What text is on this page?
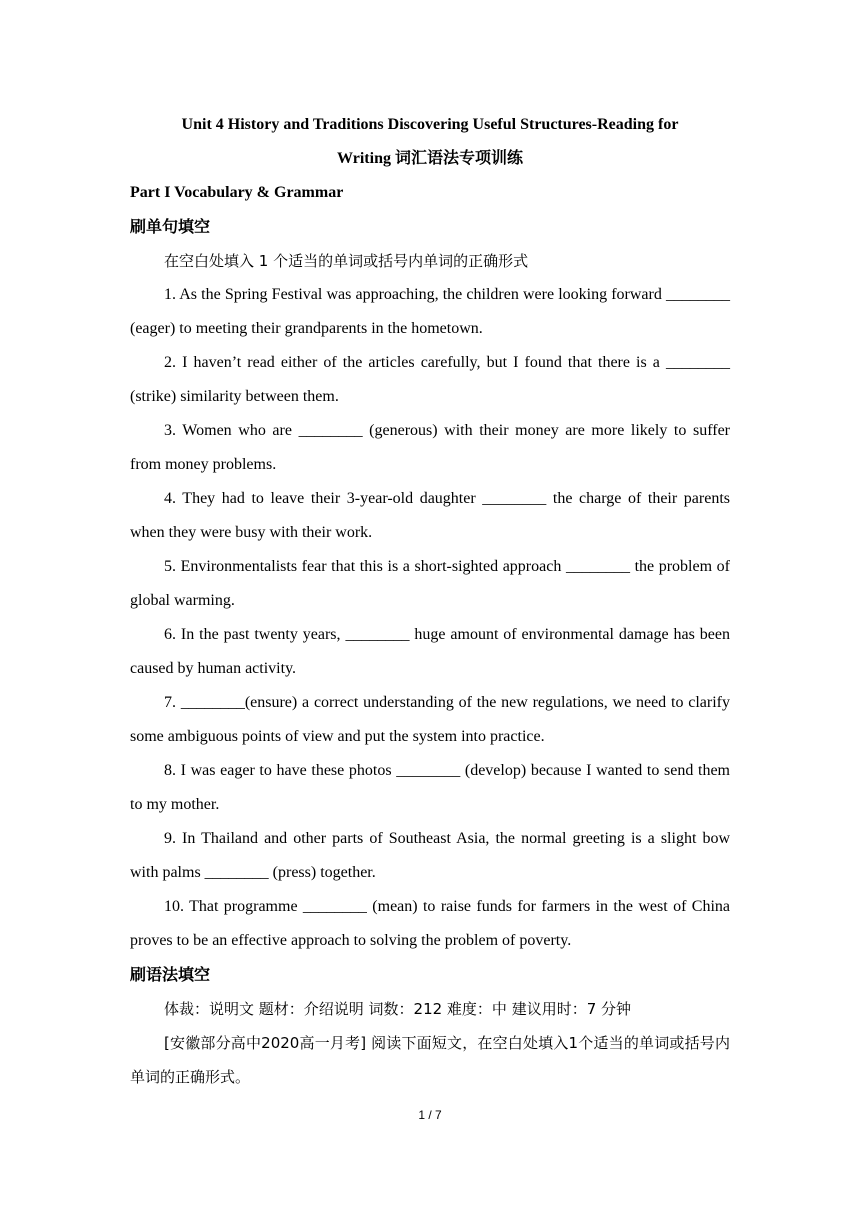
Unit 4 History and Traditions Discovering Useful Structures-Reading for
Writing 词汇语法专项训练

Part I Vocabulary & Grammar

刷单句填空

在空白处填入 1 个适当的单词或括号内单词的正确形式

1. As the Spring Festival was approaching, the children were looking forward ________ (eager) to meeting their grandparents in the hometown.

2. I haven’t read either of the articles carefully, but I found that there is a ________ (strike) similarity between them.

3. Women who are ________ (generous) with their money are more likely to suffer from money problems.

4. They had to leave their 3-year-old daughter ________ the charge of their parents when they were busy with their work.

5. Environmentalists fear that this is a short-sighted approach ________ the problem of global warming.

6. In the past twenty years, ________ huge amount of environmental damage has been caused by human activity.

7. ________(ensure) a correct understanding of the new regulations, we need to clarify some ambiguous points of view and put the system into practice.

8. I was eager to have these photos ________ (develop) because I wanted to send them to my mother.

9. In Thailand and other parts of Southeast Asia, the normal greeting is a slight bow with palms ________ (press) together.

10. That programme ________ (mean) to raise funds for farmers in the west of China proves to be an effective approach to solving the problem of poverty.

刷语法填空

体裁：说明文 题材：介绍说明 词数：212 难度：中 建议用时：7 分钟

[安徽部分高中2020高一月考] 阅读下面短文，在空白处填入1个适当的单词或括号内单词的正确形式。

1 / 7
